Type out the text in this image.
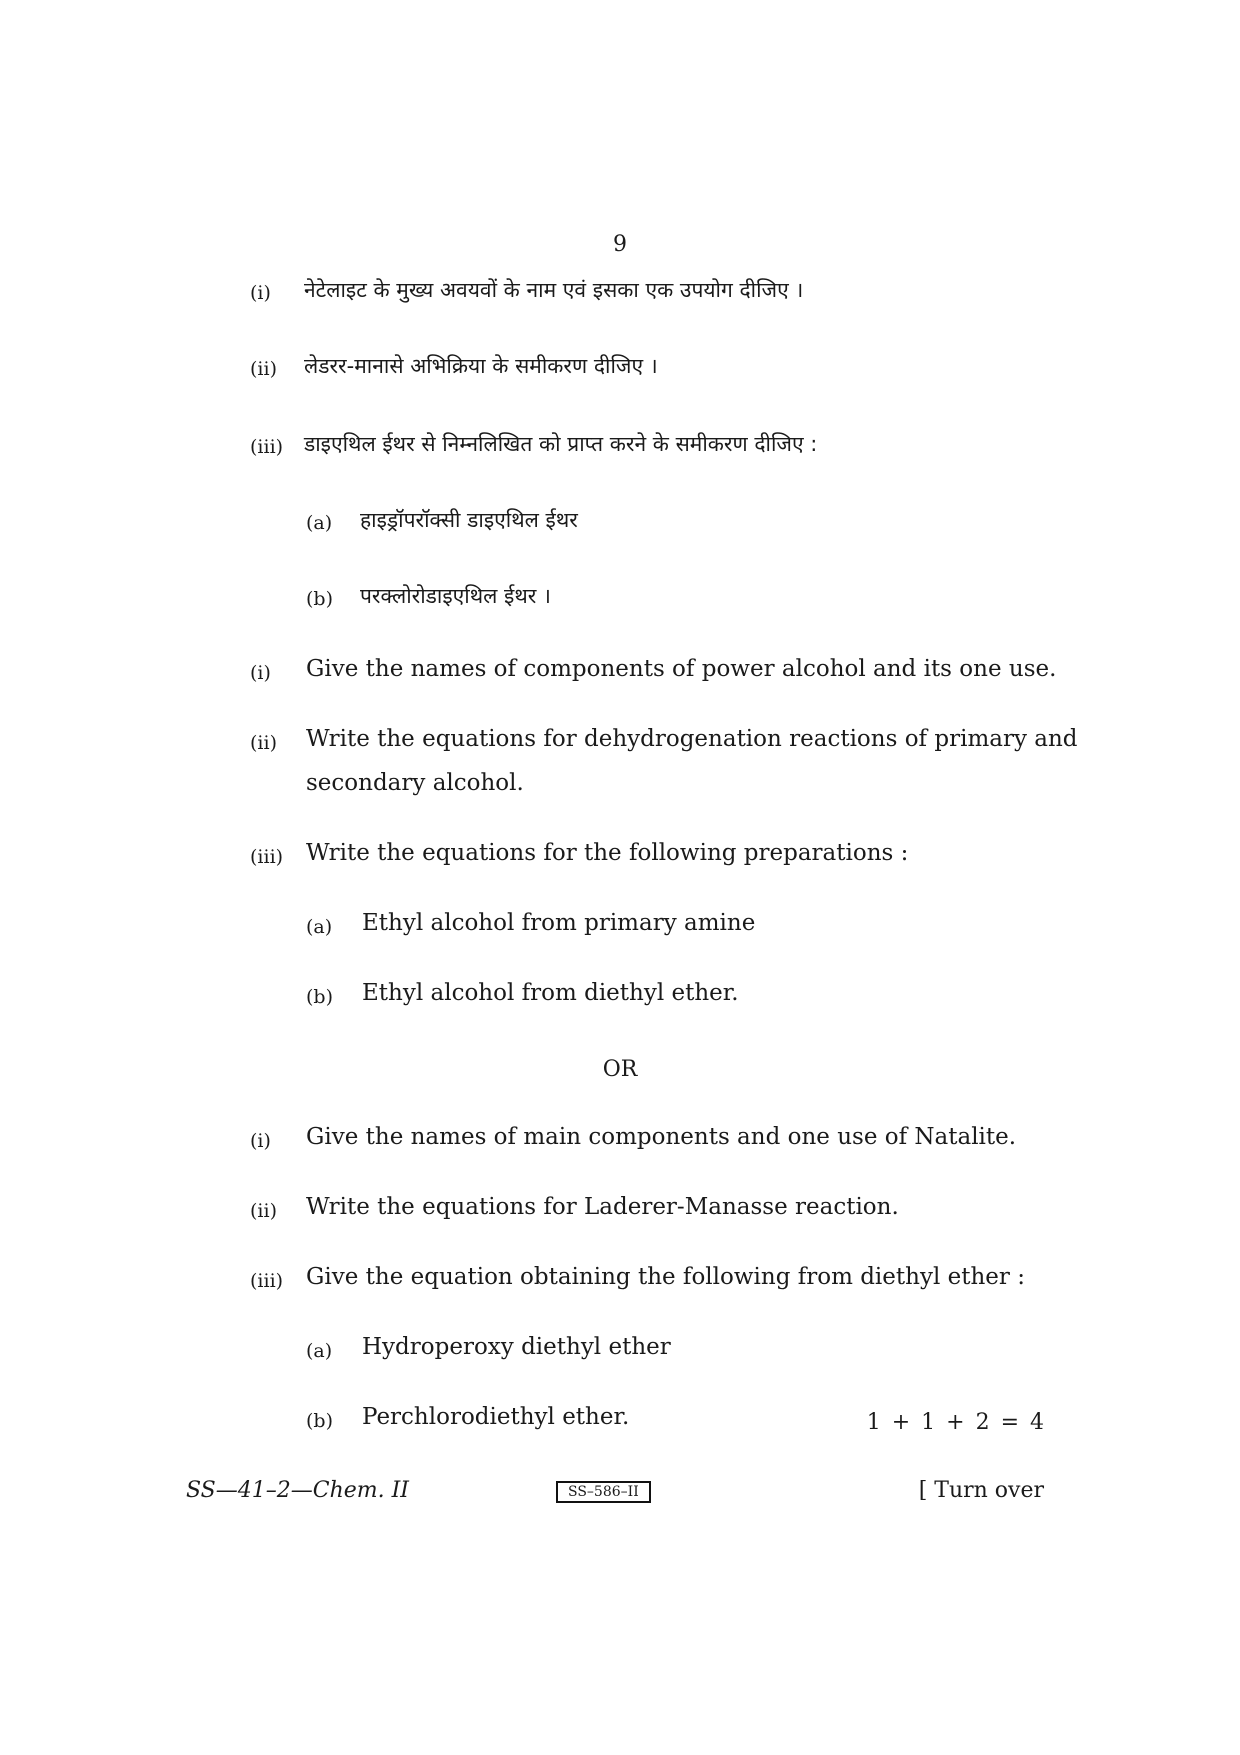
9
(i) नेटेलाइट के मुख्य अवयवों के नाम एवं इसका एक उपयोग दीजिए ।
(ii) लेडरर-मानासे अभिक्रिया के समीकरण दीजिए ।
(iii) डाइएथिल ईथर से निम्नलिखित को प्राप्त करने के समीकरण दीजिए :
(a) हाइड्रॉपरॉक्सी डाइएथिल ईथर
(b) परक्लोरोडाइएथिल ईथर ।
(i) Give the names of components of power alcohol and its one use.
(ii) Write the equations for dehydrogenation reactions of primary and
secondary alcohol.
(iii) Write the equations for the following preparations :
(a) Ethyl alcohol from primary amine
(b) Ethyl alcohol from diethyl ether.
OR
(i) Give the names of main components and one use of Natalite.
(ii) Write the equations for Laderer-Manasse reaction.
(iii) Give the equation obtaining the following from diethyl ether :
(a) Hydroperoxy diethyl ether
(b) Perchlorodiethyl ether.	1 + 1 + 2 = 4
SS—41–2—Chem. II	SS–586–II	[ Turn over
